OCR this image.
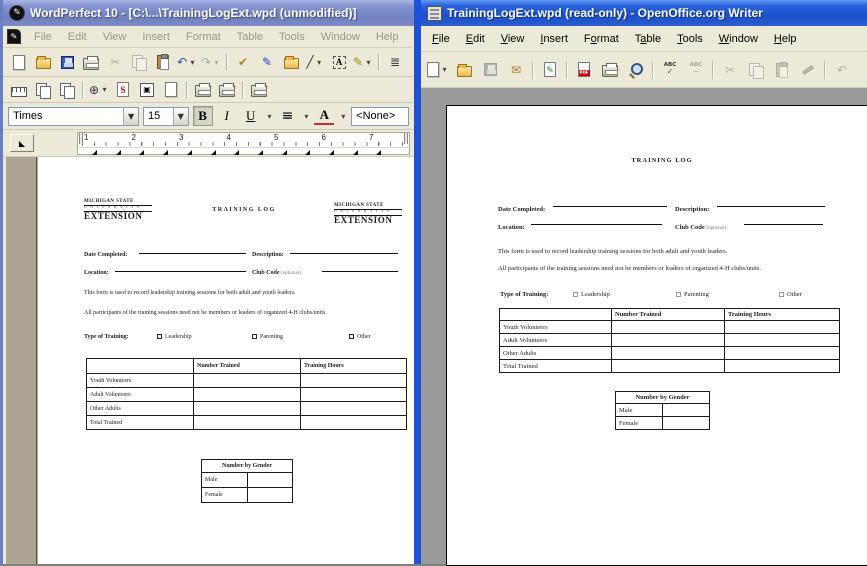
✎ WordPerfect 10 - [C:\...\TrainingLogExt.wpd (unmodified)]
✎	File	Edit	View	Insert	Format	Table	Tools	Window	Help
✂	↶ ▾ ↷ ▾ ✔ ✎	╱ ▾	A ✎ ▾ ≣
⊕ ▾	S	▣
Times	▼	15	▼	B	I	U	▾ ≡	▾ A	▾ <None>
◣
1	2	3	4	5	6	7
MICHIGAN STATE
U N I V E R S I T Y
EXTENSION
TRAINING LOG
MICHIGAN STATE
U N I V E R S I T Y
EXTENSION
Date Completed:	Description:
Location:	Club Code (optional):
This form is used to record leadership training sessions for both adult and youth leaders.
All participants of the training sessions need not be members or leaders of organized 4-H clubs/units.
Type of Training:	Leadership	Parenting	Other
	Number Trained	Training Hours
Youth Volunteers		
Adult Volunteers		
Other Adults		
Total Trained		
Number by Gender	
Male	
Female	
TrainingLogExt.wpd (read-only) - OpenOffice.org Writer
File	Edit	View	Insert	Format	Table	Tools	Window	Help
▾	✉	✎	PDF
ABC
✓
ABC
∼ ✂	↶
TRAINING LOG
Date Completed:	Description:
Location:	Club Code (optional):
This form is used to record leadership training sessions for both adult and youth leaders.
All participants of the training sessions need not be members or leaders of organized 4-H clubs/units.
Type of Training:	Leadership	Parenting	Other
	Number Trained	Training Hours
Youth Volunteers		
Adult Volunteers		
Other Adults		
Total Trained		
Number by Gender	
Male	
Female	
